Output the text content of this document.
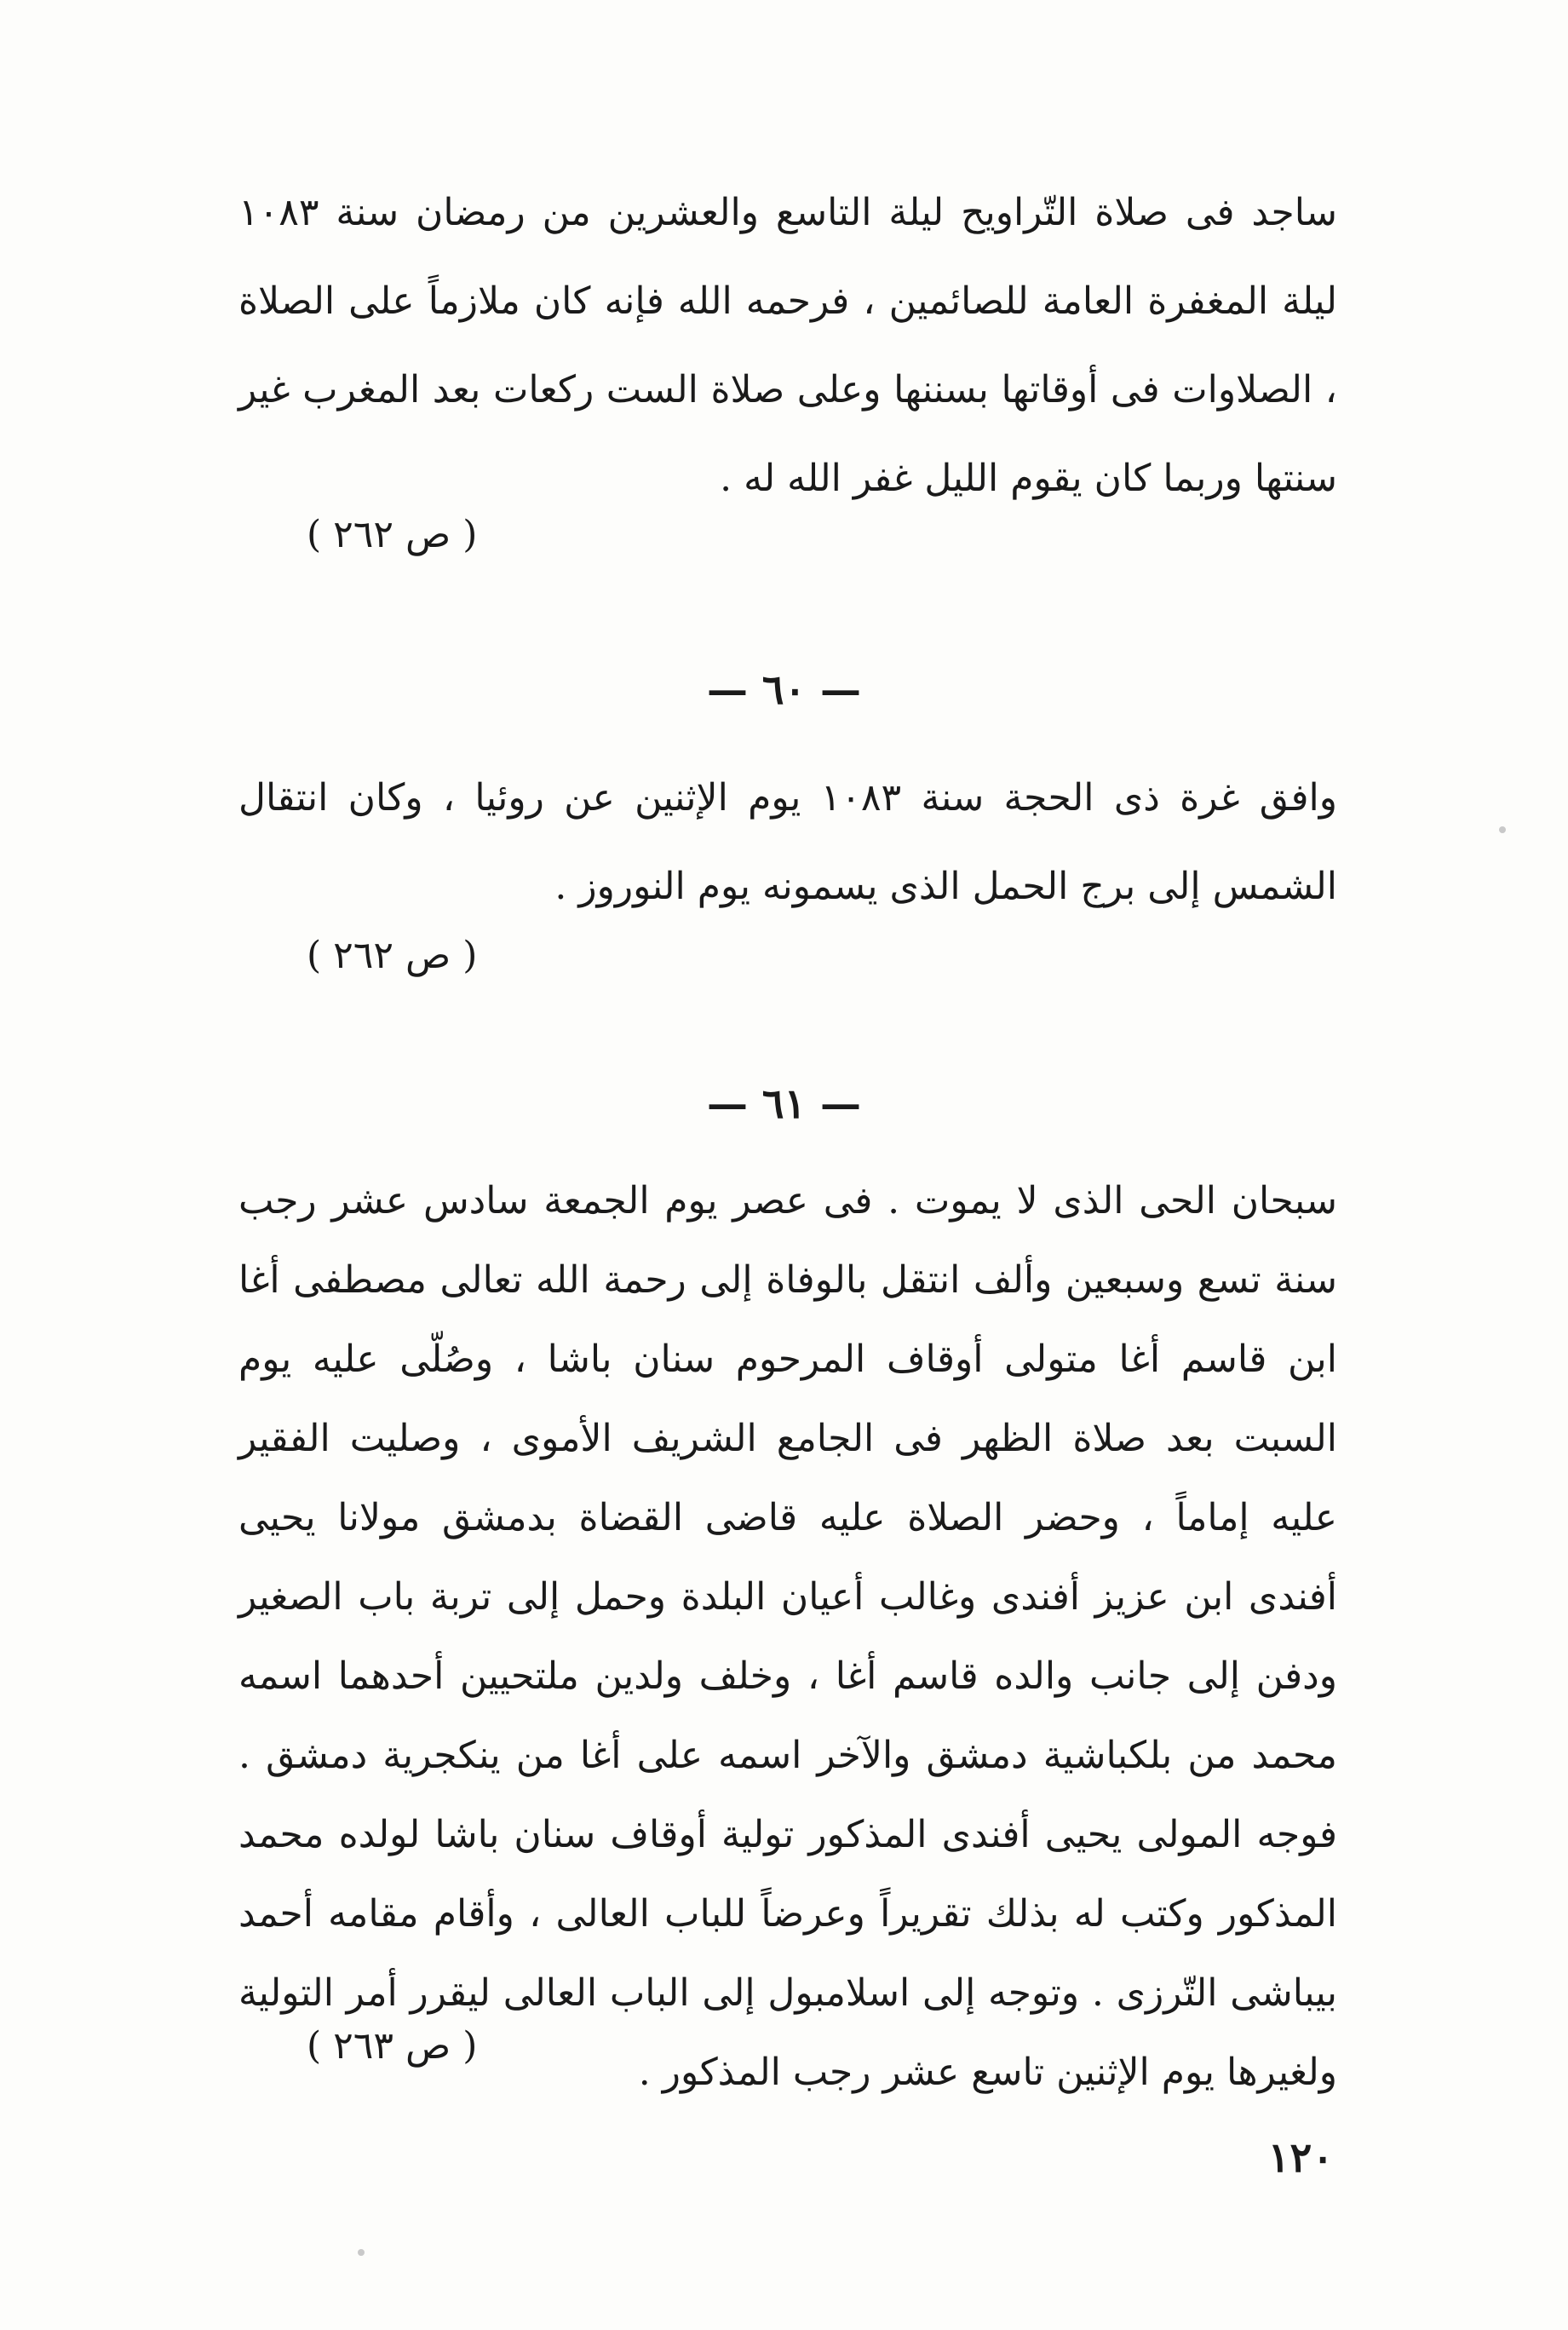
ساجد فى صلاة التّراويح ليلة التاسع والعشرين من رمضان سنة ١٠٨٣ ليلة المغفرة العامة للصائمين ، فرحمه الله فإنه كان ملازماً على الصلاة ، الصلاوات فى أوقاتها بسننها وعلى صلاة الست ركعات بعد المغرب غير سنتها وربما كان يقوم الليل غفر الله له .

( ص ٢٦٢ )
— ٦٠ —

وافق غرة ذى الحجة سنة ١٠٨٣ يوم الإثنين عن روئيا ، وكان انتقال الشمس إلى برج الحمل الذى يسمونه يوم النوروز .

( ص ٢٦٢ )
— ٦١ —

سبحان الحى الذى لا يموت . فى عصر يوم الجمعة سادس عشر رجب سنة تسع وسبعين وألف انتقل بالوفاة إلى رحمة الله تعالى مصطفى أغا ابن قاسم أغا متولى أوقاف المرحوم سنان باشا ، وصُلّى عليه يوم السبت بعد صلاة الظهر فى الجامع الشريف الأموى ، وصليت الفقير عليه إماماً ، وحضر الصلاة عليه قاضى القضاة بدمشق مولانا يحيى أفندى ابن عزيز أفندى وغالب أعيان البلدة وحمل إلى تربة باب الصغير ودفن إلى جانب والده قاسم أغا ، وخلف ولدين ملتحيين أحدهما اسمه محمد من بلكباشية دمشق والآخر اسمه على أغا من ينكجرية دمشق . فوجه المولى يحيى أفندى المذكور تولية أوقاف سنان باشا لولده محمد المذكور وكتب له بذلك تقريراً وعرضاً للباب العالى ، وأقام مقامه أحمد بيباشى التّرزى . وتوجه إلى اسلامبول إلى الباب العالى ليقرر أمر التولية ولغيرها يوم الإثنين تاسع عشر رجب المذكور .

( ص ٢٦٣ )
١٢٠
